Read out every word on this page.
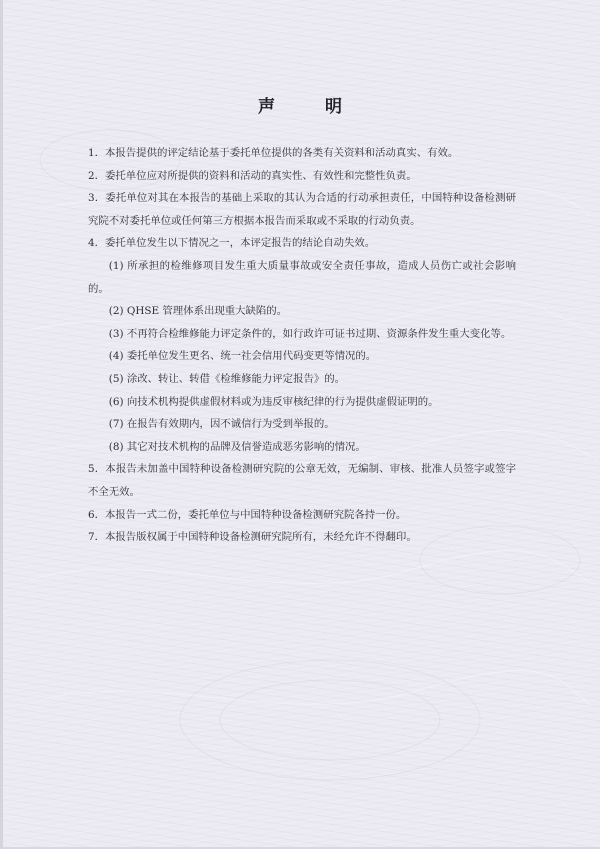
声 明

1．本报告提供的评定结论基于委托单位提供的各类有关资料和活动真实、有效。

2．委托单位应对所提供的资料和活动的真实性、有效性和完整性负责。

3．委托单位对其在本报告的基础上采取的其认为合适的行动承担责任，中国特种设备检测研究院不对委托单位或任何第三方根据本报告而采取或不采取的行动负责。

4．委托单位发生以下情况之一，本评定报告的结论自动失效。

(1) 所承担的检维修项目发生重大质量事故或安全责任事故，造成人员伤亡或社会影响的。

(2) QHSE 管理体系出现重大缺陷的。

(3) 不再符合检维修能力评定条件的，如行政许可证书过期、资源条件发生重大变化等。

(4) 委托单位发生更名、统一社会信用代码变更等情况的。

(5) 涂改、转让、转借《检维修能力评定报告》的。

(6) 向技术机构提供虚假材料或为违反审核纪律的行为提供虚假证明的。

(7) 在报告有效期内，因不诚信行为受到举报的。

(8) 其它对技术机构的品牌及信誉造成恶劣影响的情况。

5．本报告未加盖中国特种设备检测研究院的公章无效，无编制、审核、批准人员签字或签字不全无效。

6．本报告一式二份，委托单位与中国特种设备检测研究院各持一份。

7．本报告版权属于中国特种设备检测研究院所有，未经允许不得翻印。
